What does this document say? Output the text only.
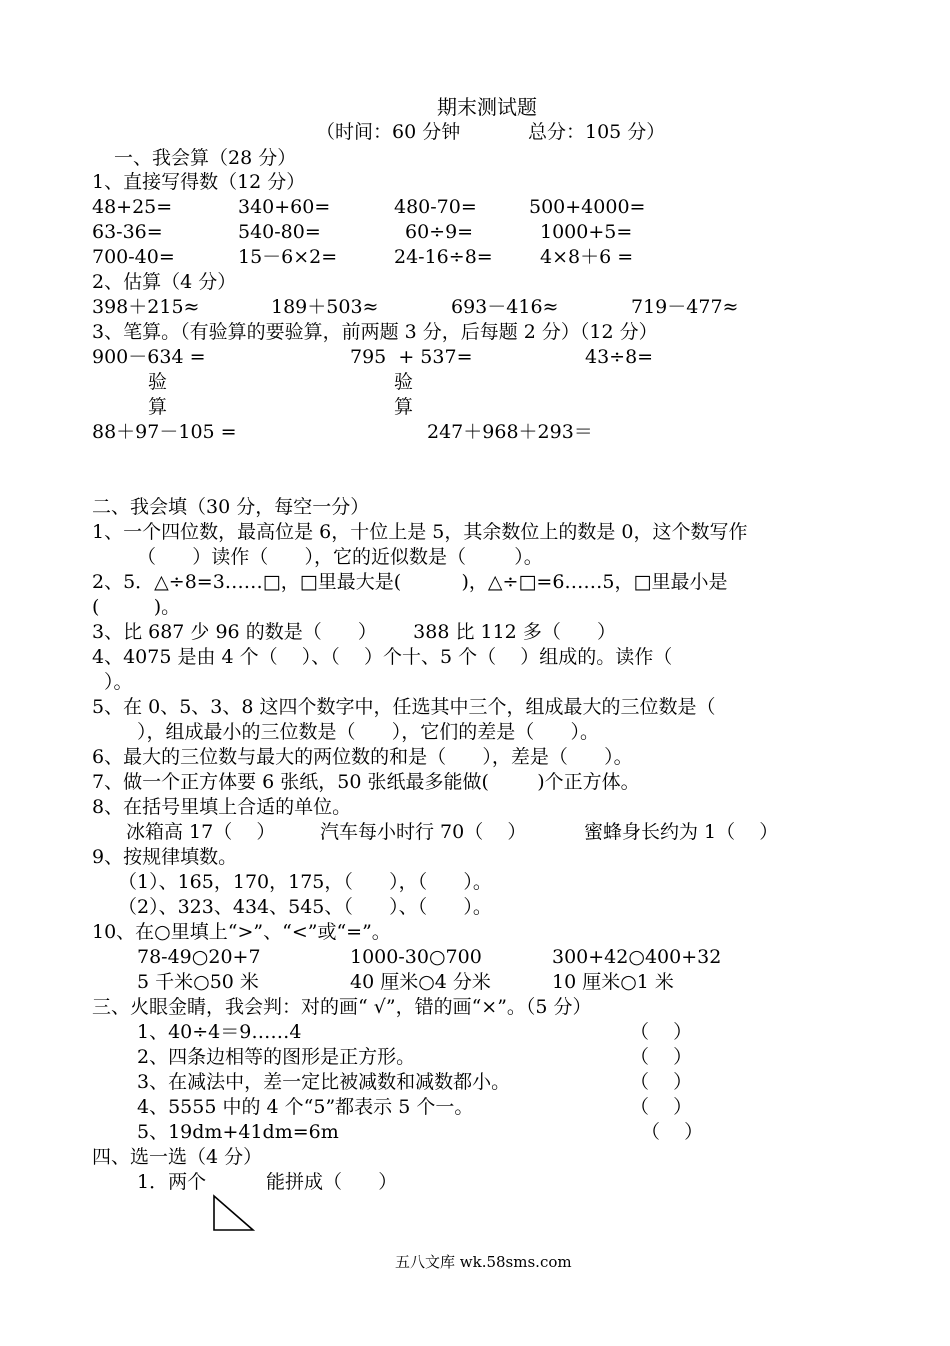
期末测试题
（时间：60 分钟	总分：105 分）
一、我会算（28 分）
1、直接写得数（12 分）
48+25=	340+60=	480-70=	500+4000=
63-36=	540-80=	60÷9=	1000+5=
700-40=	15－6×2=	24-16÷8= 4×8＋6 =
2、估算（4 分）
398＋215≈	189＋503≈	693－416≈	719－477≈
3、笔算。（有验算的要验算，前两题 3 分，后每题 2 分）（12 分）
900－634 =	795  + 537=	43÷8=
验
算
验
算
88＋97－105 =	247＋968＋293＝
二、我会填（30 分，每空一分）
1、一个四位数，最高位是 6，十位上是 5，其余数位上的数是 0，这个数写作
（      ）读作（      ），它的近似数是（        ）。
2、5．△÷8=3……□，□里最大是(          )，△÷□=6……5，□里最小是
(         )。
3、比 687 少 96 的数是（      ）      388 比 112 多（      ）
4、4075 是由 4 个（    ）、（    ）个十、5 个（    ）组成的。读作（
）。
5、在 0、5、3、8 这四个数字中，任选其中三个，组成最大的三位数是（
），组成最小的三位数是（      ），它们的差是（      ）。
6、最大的三位数与最大的两位数的和是（      ），差是（      ）。
7、做一个正方体要 6 张纸，50 张纸最多能做(        )个正方体。
8、在括号里填上合适的单位。
冰箱高 17（    ） 汽车每小时行 70（    ）	蜜蜂身长约为 1（    ）
9、按规律填数。
（1）、165，170，175，（      ），（      ）。
（2）、323、434、545、（      ）、（      ）。
10、在○里填上“>”、“<”或“=”。
78-49○20+7	1000-30○700	300+42○400+32
5 千米○50 米	40 厘米○4 分米	10 厘米○1 米
三、火眼金睛，我会判：对的画“ √”，错的画“×”。（5 分）
1、40÷4＝9……4	（    ）
2、四条边相等的图形是正方形。	（    ）
3、在减法中，差一定比被减数和减数都小。	（    ）
4、5555 中的 4 个“5”都表示 5 个一。	（    ）
5、19dm+41dm=6m	（    ）
四、选一选（4 分）
1．两个	能拼成（      ）
五八文库 wk.58sms.com
